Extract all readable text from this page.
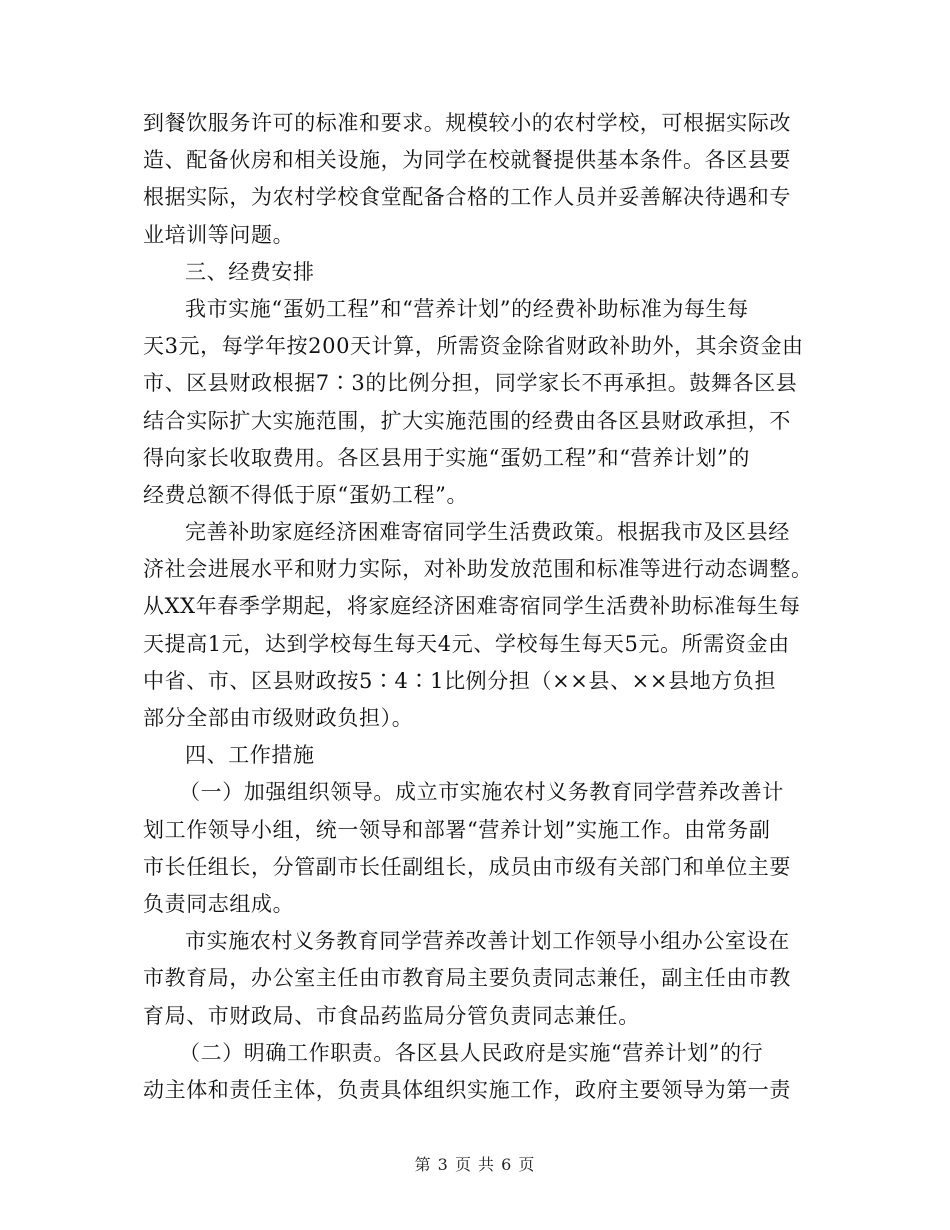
到餐饮服务许可的标准和要求。规模较小的农村学校，可根据实际改
造、配备伙房和相关设施，为同学在校就餐提供基本条件。各区县要
根据实际，为农村学校食堂配备合格的工作人员并妥善解决待遇和专
业培训等问题。
三、经费安排
我市实施“蛋奶工程”和“营养计划”的经费补助标准为每生每
天3元，每学年按200天计算，所需资金除省财政补助外，其余资金由
市、区县财政根据7∶3的比例分担，同学家长不再承担。鼓舞各区县
结合实际扩大实施范围，扩大实施范围的经费由各区县财政承担，不
得向家长收取费用。各区县用于实施“蛋奶工程”和“营养计划”的
经费总额不得低于原“蛋奶工程”。
完善补助家庭经济困难寄宿同学生活费政策。根据我市及区县经
济社会进展水平和财力实际，对补助发放范围和标准等进行动态调整。
从XX年春季学期起，将家庭经济困难寄宿同学生活费补助标准每生每
天提高1元，达到学校每生每天4元、学校每生每天5元。所需资金由
中省、市、区县财政按5∶4∶1比例分担（××县、××县地方负担
部分全部由市级财政负担）。
四、工作措施
（一）加强组织领导。成立市实施农村义务教育同学营养改善计
划工作领导小组，统一领导和部署“营养计划”实施工作。由常务副
市长任组长，分管副市长任副组长，成员由市级有关部门和单位主要
负责同志组成。
市实施农村义务教育同学营养改善计划工作领导小组办公室设在
市教育局，办公室主任由市教育局主要负责同志兼任，副主任由市教
育局、市财政局、市食品药监局分管负责同志兼任。
（二）明确工作职责。各区县人民政府是实施“营养计划”的行
动主体和责任主体，负责具体组织实施工作，政府主要领导为第一责
第 3 页 共 6 页
